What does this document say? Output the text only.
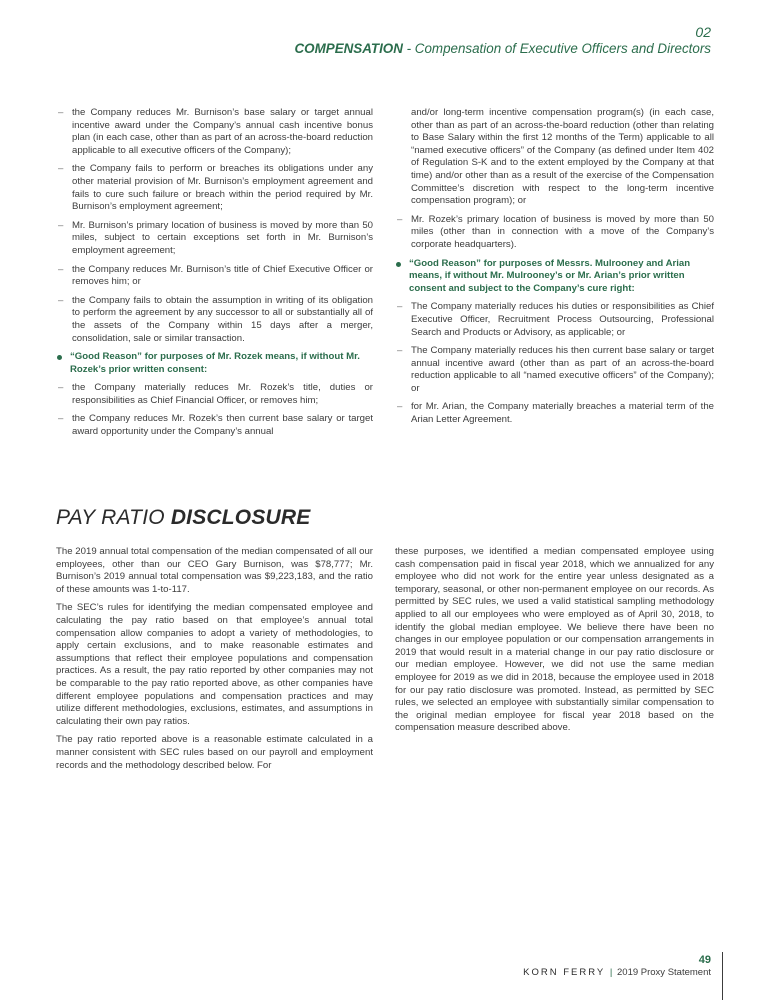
02
COMPENSATION - Compensation of Executive Officers and Directors

– the Company reduces Mr. Burnison’s base salary or target annual incentive award under the Company’s annual cash incentive bonus plan (in each case, other than as part of an across-the-board reduction applicable to all executive officers of the Company);

– the Company fails to perform or breaches its obligations under any other material provision of Mr. Burnison’s employment agreement and fails to cure such failure or breach within the period required by Mr. Burnison’s employment agreement;

– Mr. Burnison’s primary location of business is moved by more than 50 miles, subject to certain exceptions set forth in Mr. Burnison’s employment agreement;

– the Company reduces Mr. Burnison’s title of Chief Executive Officer or removes him; or

– the Company fails to obtain the assumption in writing of its obligation to perform the agreement by any successor to all or substantially all of the assets of the Company within 15 days after a merger, consolidation, sale or similar transaction.

“Good Reason” for purposes of Mr. Rozek means, if without Mr. Rozek’s prior written consent:

– the Company materially reduces Mr. Rozek’s title, duties or responsibilities as Chief Financial Officer, or removes him;

– the Company reduces Mr. Rozek’s then current base salary or target award opportunity under the Company’s annual

and/or long-term incentive compensation program(s) (in each case, other than as part of an across-the-board reduction (other than relating to Base Salary within the first 12 months of the Term) applicable to all “named executive officers” of the Company (as defined under Item 402 of Regulation S-K and to the extent employed by the Company at that time) and/or other than as a result of the exercise of the Compensation Committee’s discretion with respect to the long-term incentive compensation program); or

– Mr. Rozek’s primary location of business is moved by more than 50 miles (other than in connection with a move of the Company’s corporate headquarters).

“Good Reason” for purposes of Messrs. Mulrooney and Arian means, if without Mr. Mulrooney’s or Mr. Arian’s prior written consent and subject to the Company’s cure right:

– The Company materially reduces his duties or responsibilities as Chief Executive Officer, Recruitment Process Outsourcing, Professional Search and Products or Advisory, as applicable; or

– The Company materially reduces his then current base salary or target annual incentive award (other than as part of an across-the-board reduction applicable to all “named executive officers” of the Company); or

– for Mr. Arian, the Company materially breaches a material term of the Arian Letter Agreement.

PAY RATIO DISCLOSURE

The 2019 annual total compensation of the median compensated of all our employees, other than our CEO Gary Burnison, was $78,777; Mr. Burnison’s 2019 annual total compensation was $9,223,183, and the ratio of these amounts was 1-to-117.

The SEC’s rules for identifying the median compensated employee and calculating the pay ratio based on that employee’s annual total compensation allow companies to adopt a variety of methodologies, to apply certain exclusions, and to make reasonable estimates and assumptions that reflect their employee populations and compensation practices. As a result, the pay ratio reported by other companies may not be comparable to the pay ratio reported above, as other companies have different employee populations and compensation practices and may utilize different methodologies, exclusions, estimates, and assumptions in calculating their own pay ratios.

The pay ratio reported above is a reasonable estimate calculated in a manner consistent with SEC rules based on our payroll and employment records and the methodology described below. For

these purposes, we identified a median compensated employee using cash compensation paid in fiscal year 2018, which we annualized for any employee who did not work for the entire year unless designated as a temporary, seasonal, or other non-permanent employee on our records. As permitted by SEC rules, we used a valid statistical sampling methodology applied to all our employees who were employed as of April 30, 2018, to identify the global median employee. We believe there have been no changes in our employee population or our compensation arrangements in 2019 that would result in a material change in our pay ratio disclosure or our median employee. However, we did not use the same median employee for 2019 as we did in 2018, because the employee used in 2018 for our pay ratio disclosure was promoted. Instead, as permitted by SEC rules, we selected an employee with substantially similar compensation to the original median employee for fiscal year 2018 based on the compensation measure described above.

49
KORN FERRY | 2019 Proxy Statement
